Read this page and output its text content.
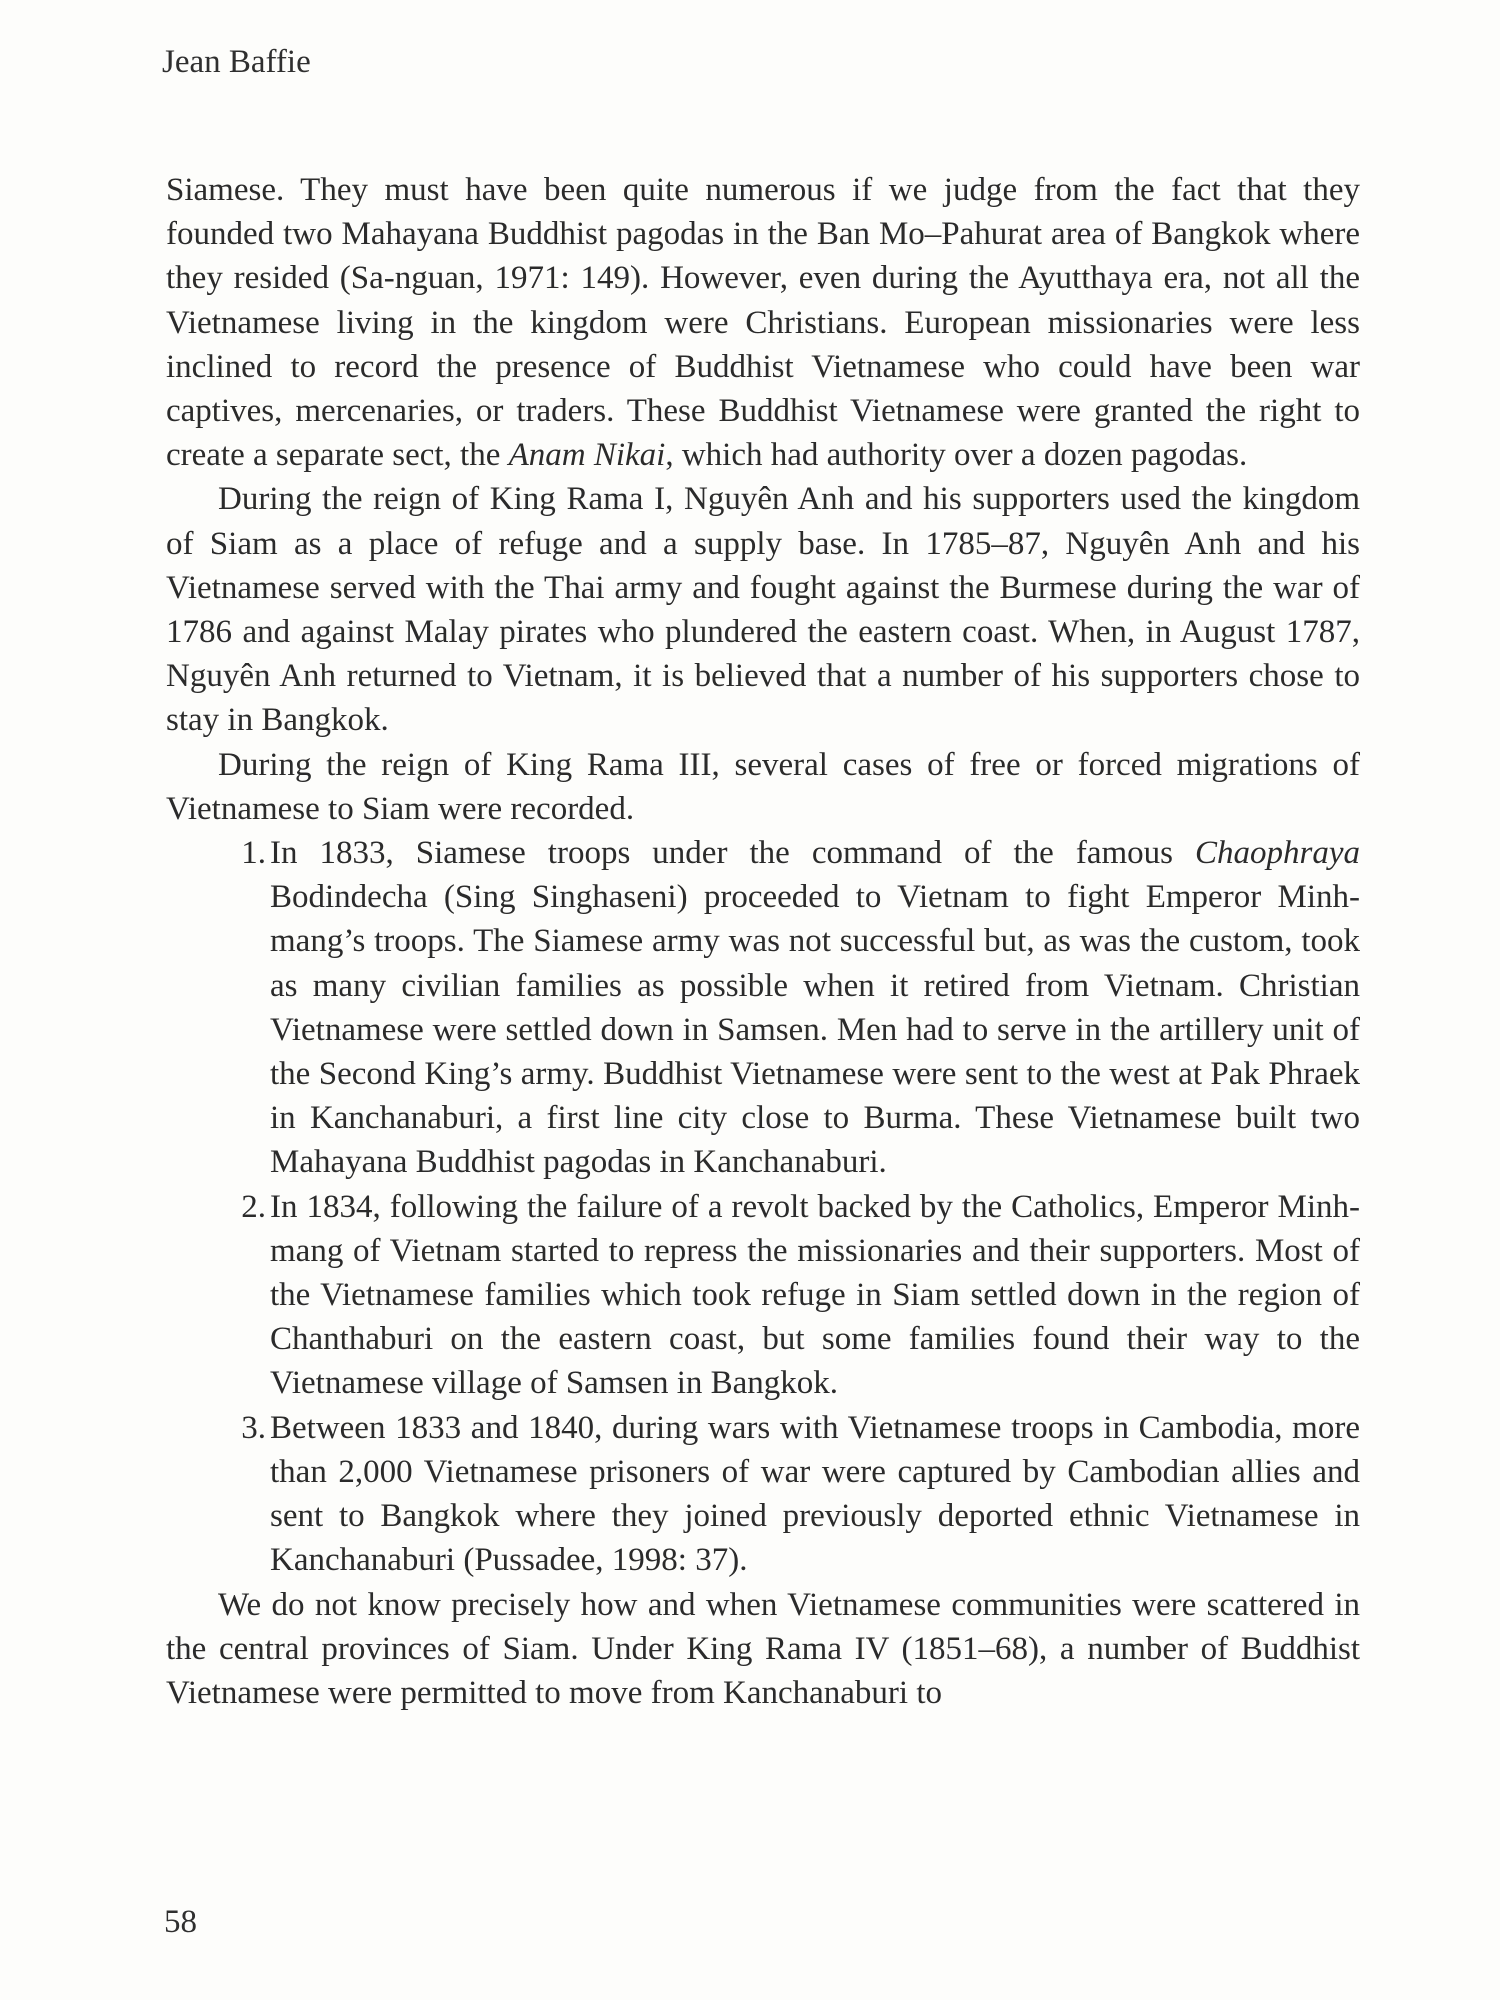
Jean Baffie

Siamese. They must have been quite numerous if we judge from the fact that they founded two Mahayana Buddhist pagodas in the Ban Mo–Pahurat area of Bangkok where they resided (Sa-nguan, 1971: 149). However, even during the Ayutthaya era, not all the Vietnamese living in the kingdom were Christians. European missionaries were less inclined to record the presence of Buddhist Vietnamese who could have been war captives, mercenaries, or traders. These Buddhist Vietnamese were granted the right to create a separate sect, the Anam Nikai, which had authority over a dozen pagodas.

During the reign of King Rama I, Nguyên Anh and his supporters used the kingdom of Siam as a place of refuge and a supply base. In 1785–87, Nguyên Anh and his Vietnamese served with the Thai army and fought against the Burmese during the war of 1786 and against Malay pirates who plundered the eastern coast. When, in August 1787, Nguyên Anh returned to Vietnam, it is believed that a number of his supporters chose to stay in Bangkok.

During the reign of King Rama III, several cases of free or forced migrations of Vietnamese to Siam were recorded.

1. In 1833, Siamese troops under the command of the famous Chaophraya Bodindecha (Sing Singhaseni) proceeded to Vietnam to fight Emperor Minh-mang’s troops. The Siamese army was not successful but, as was the custom, took as many civilian families as possible when it retired from Vietnam. Christian Vietnamese were settled down in Samsen. Men had to serve in the artillery unit of the Second King’s army. Buddhist Vietnamese were sent to the west at Pak Phraek in Kanchanaburi, a first line city close to Burma. These Vietnamese built two Mahayana Buddhist pagodas in Kanchanaburi.
2. In 1834, following the failure of a revolt backed by the Catholics, Emperor Minh-mang of Vietnam started to repress the missionaries and their supporters. Most of the Vietnamese families which took refuge in Siam settled down in the region of Chanthaburi on the eastern coast, but some families found their way to the Vietnamese village of Samsen in Bangkok.
3. Between 1833 and 1840, during wars with Vietnamese troops in Cambodia, more than 2,000 Vietnamese prisoners of war were captured by Cambodian allies and sent to Bangkok where they joined previously deported ethnic Vietnamese in Kanchanaburi (Pussadee, 1998: 37).

We do not know precisely how and when Vietnamese communities were scattered in the central provinces of Siam. Under King Rama IV (1851–68), a number of Buddhist Vietnamese were permitted to move from Kanchanaburi to

58
